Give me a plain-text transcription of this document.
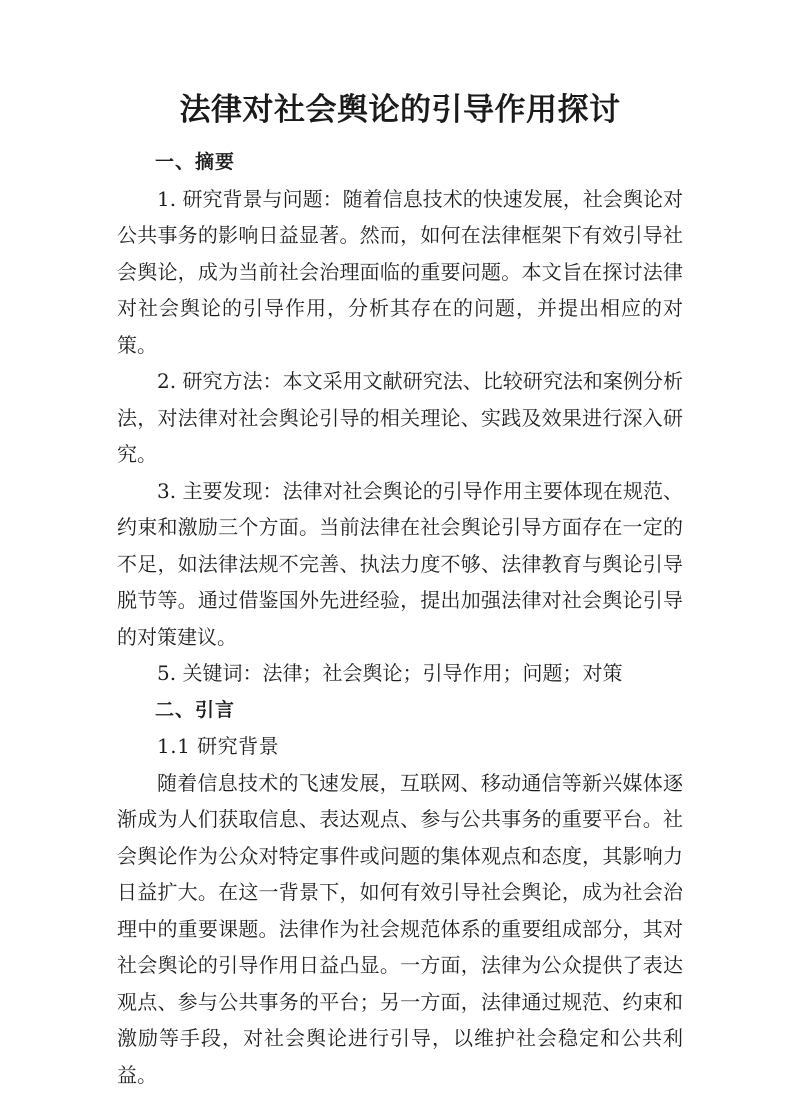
法律对社会舆论的引导作用探讨

一、摘要

1. 研究背景与问题：随着信息技术的快速发展，社会舆论对公共事务的影响日益显著。然而，如何在法律框架下有效引导社会舆论，成为当前社会治理面临的重要问题。本文旨在探讨法律对社会舆论的引导作用，分析其存在的问题，并提出相应的对策。

2. 研究方法：本文采用文献研究法、比较研究法和案例分析法，对法律对社会舆论引导的相关理论、实践及效果进行深入研究。

3. 主要发现：法律对社会舆论的引导作用主要体现在规范、约束和激励三个方面。当前法律在社会舆论引导方面存在一定的不足，如法律法规不完善、执法力度不够、法律教育与舆论引导脱节等。通过借鉴国外先进经验，提出加强法律对社会舆论引导的对策建议。

5. 关键词：法律；社会舆论；引导作用；问题；对策

二、引言

1.1 研究背景

随着信息技术的飞速发展，互联网、移动通信等新兴媒体逐渐成为人们获取信息、表达观点、参与公共事务的重要平台。社会舆论作为公众对特定事件或问题的集体观点和态度，其影响力日益扩大。在这一背景下，如何有效引导社会舆论，成为社会治理中的重要课题。法律作为社会规范体系的重要组成部分，其对社会舆论的引导作用日益凸显。一方面，法律为公众提供了表达观点、参与公共事务的平台；另一方面，法律通过规范、约束和激励等手段，对社会舆论进行引导，以维护社会稳定和公共利益。
